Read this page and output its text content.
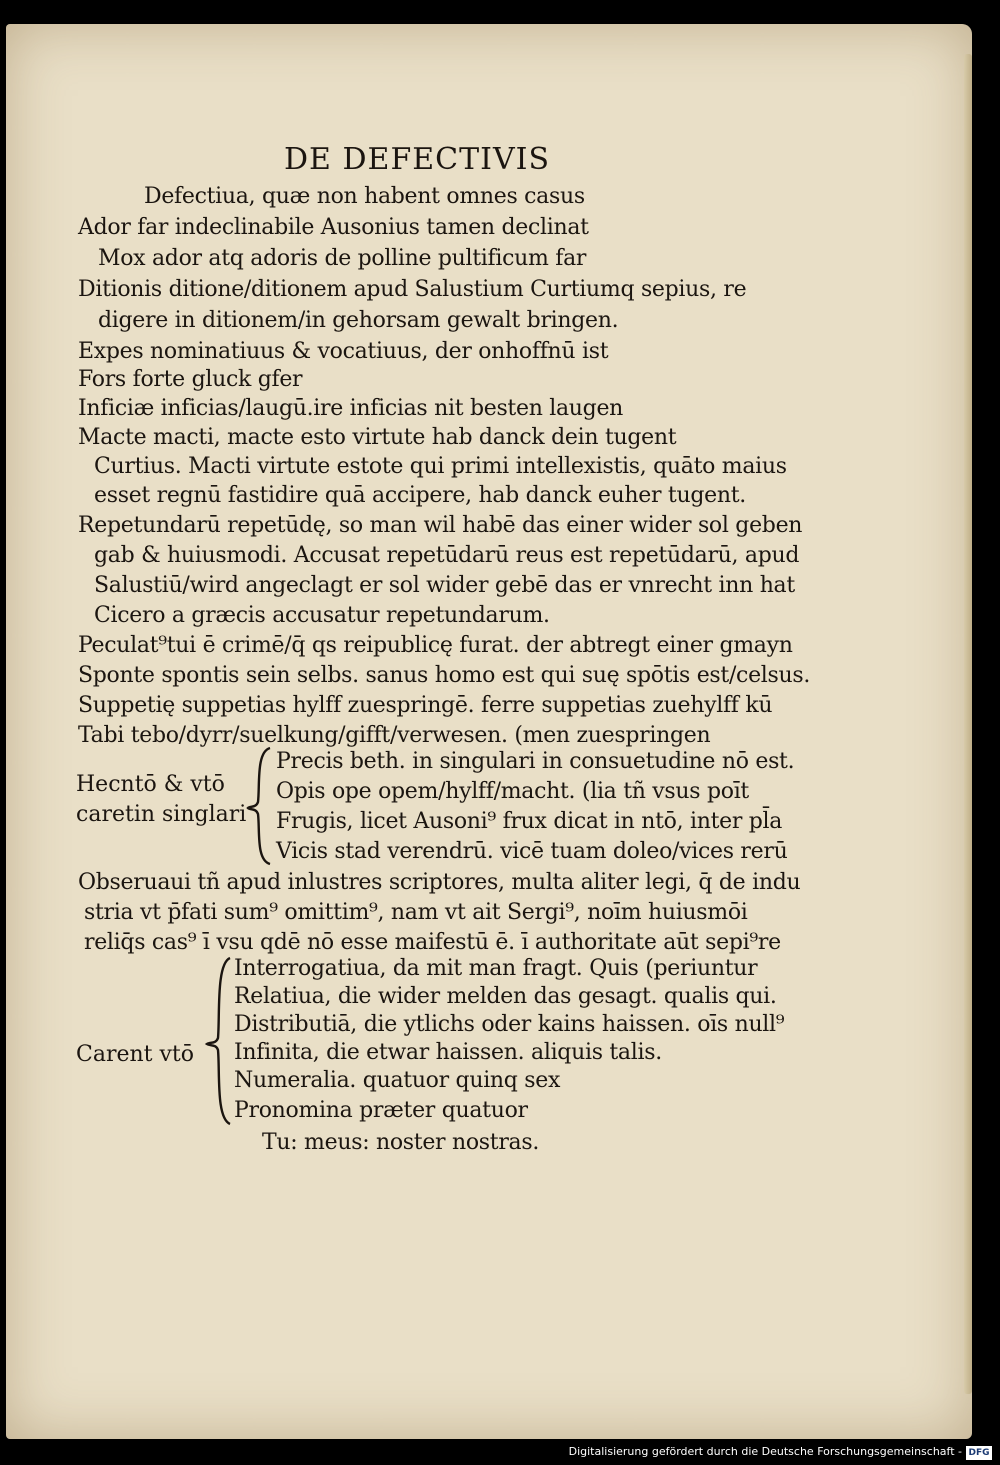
DE DEFECTIVIS
Defectiua, quæ non habent omnes casus
Ador far indeclinabile Ausonius tamen declinat
Mox ador atq adoris de polline pultificum far
Ditionis ditione/ditionem apud Salustium Curtiumq sepius, re
digere in ditionem/in gehorsam gewalt bringen.
Expes nominatiuus & vocatiuus, der onhoffnū ist
Fors forte gluck gfer
Inficiæ inficias/laugū.ire inficias nit besten laugen
Macte macti, macte esto virtute hab danck dein tugent
Curtius. Macti virtute estote qui primi intellexistis, quāto maius
esset regnū fastidire quā accipere, hab danck euher tugent.
Repetundarū repetūdę, so man wil habē das einer wider sol geben
gab & huiusmodi. Accusat repetūdarū reus est repetūdarū, apud
Salustiū/wird angeclagt er sol wider gebē das er vnrecht inn hat
Cicero a græcis accusatur repetundarum.
Peculat⁹tui ē crimē/q̄ qs reipublicę furat. der abtregt einer gmayn
Sponte spontis sein selbs. sanus homo est qui suę spōtis est/celsus.
Suppetię suppetias hylff zuespringē. ferre suppetias zuehylff kū
Tabi tebo/dyrr/suelkung/gifft/verwesen. (men zuespringen
Hecntō & vtō
caretin singlari
Precis beth. in singulari in consuetudine nō est.
Opis ope opem/hylff/macht. (lia tñ vsus poīt
Frugis, licet Ausoni⁹ frux dicat in ntō, inter pl̄a
Vicis stad verendrū. vicē tuam doleo/vices rerū
Obseruaui tñ apud inlustres scriptores, multa aliter legi, q̄ de indu
stria vt p̄fati sum⁹ omittim⁹, nam vt ait Sergi⁹, noīm huiusmōi
reliq̄s cas⁹ ī vsu qdē nō esse maifestū ē. ī authoritate aūt sepi⁹re
Carent vtō
Interrogatiua, da mit man fragt. Quis (periuntur
Relatiua, die wider melden das gesagt. qualis qui.
Distributiā, die ytlichs oder kains haissen. oīs null⁹
Infinita, die etwar haissen. aliquis talis.
Numeralia. quatuor quinq sex
Pronomina præter quatuor
Tu: meus: noster nostras.
Digitalisierung gefördert durch die Deutsche Forschungsgemeinschaft - DFG
